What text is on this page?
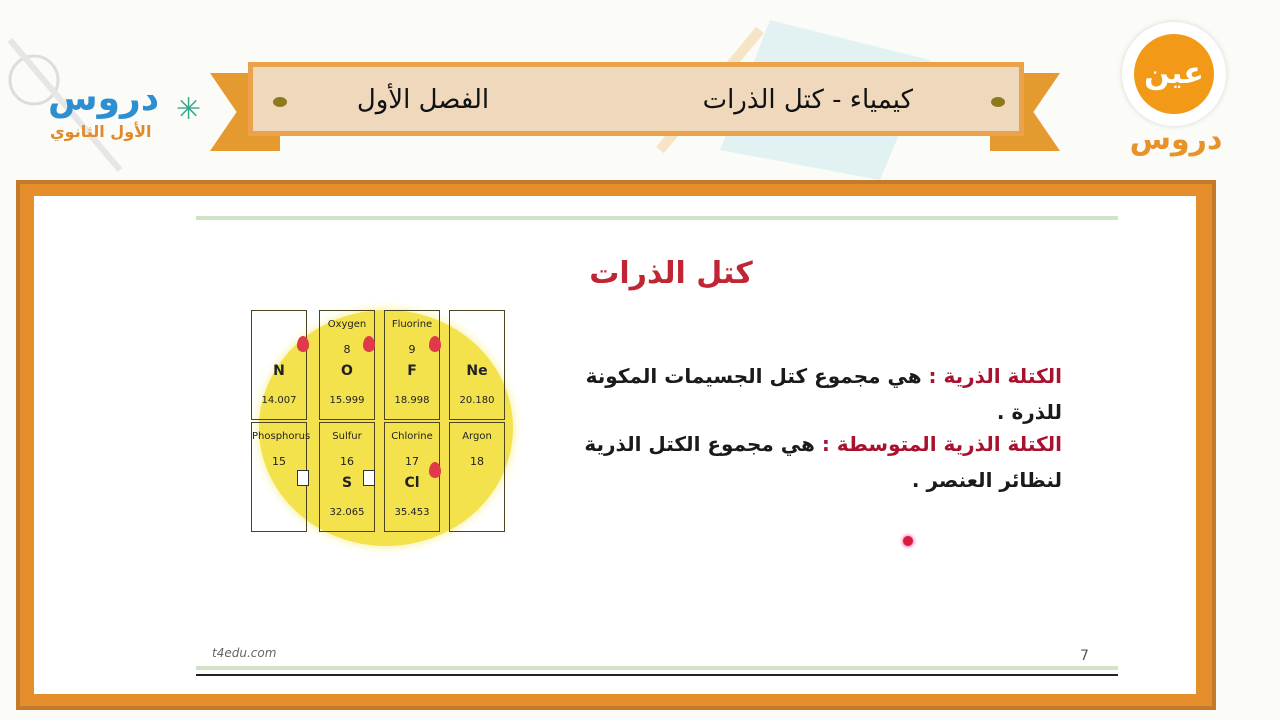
الفصل الأول	كيمياء - كتل الذرات
دروس
الأول الثانوي
✳
عين
دروس
كتل الذرات
N
14.007
Oxygen
8
O
15.999
Fluorine
9
F
18.998
Ne
20.180
Phosphorus
15
Sulfur
16
S
32.065
Chlorine
17
Cl
35.453
Argon
18
الكتلة الذرية : هي مجموع كتل الجسيمات المكونة للذرة .
الكتلة الذرية المتوسطة : هي مجموع الكتل الذرية لنظائر العنصر .
t4edu.com	7
